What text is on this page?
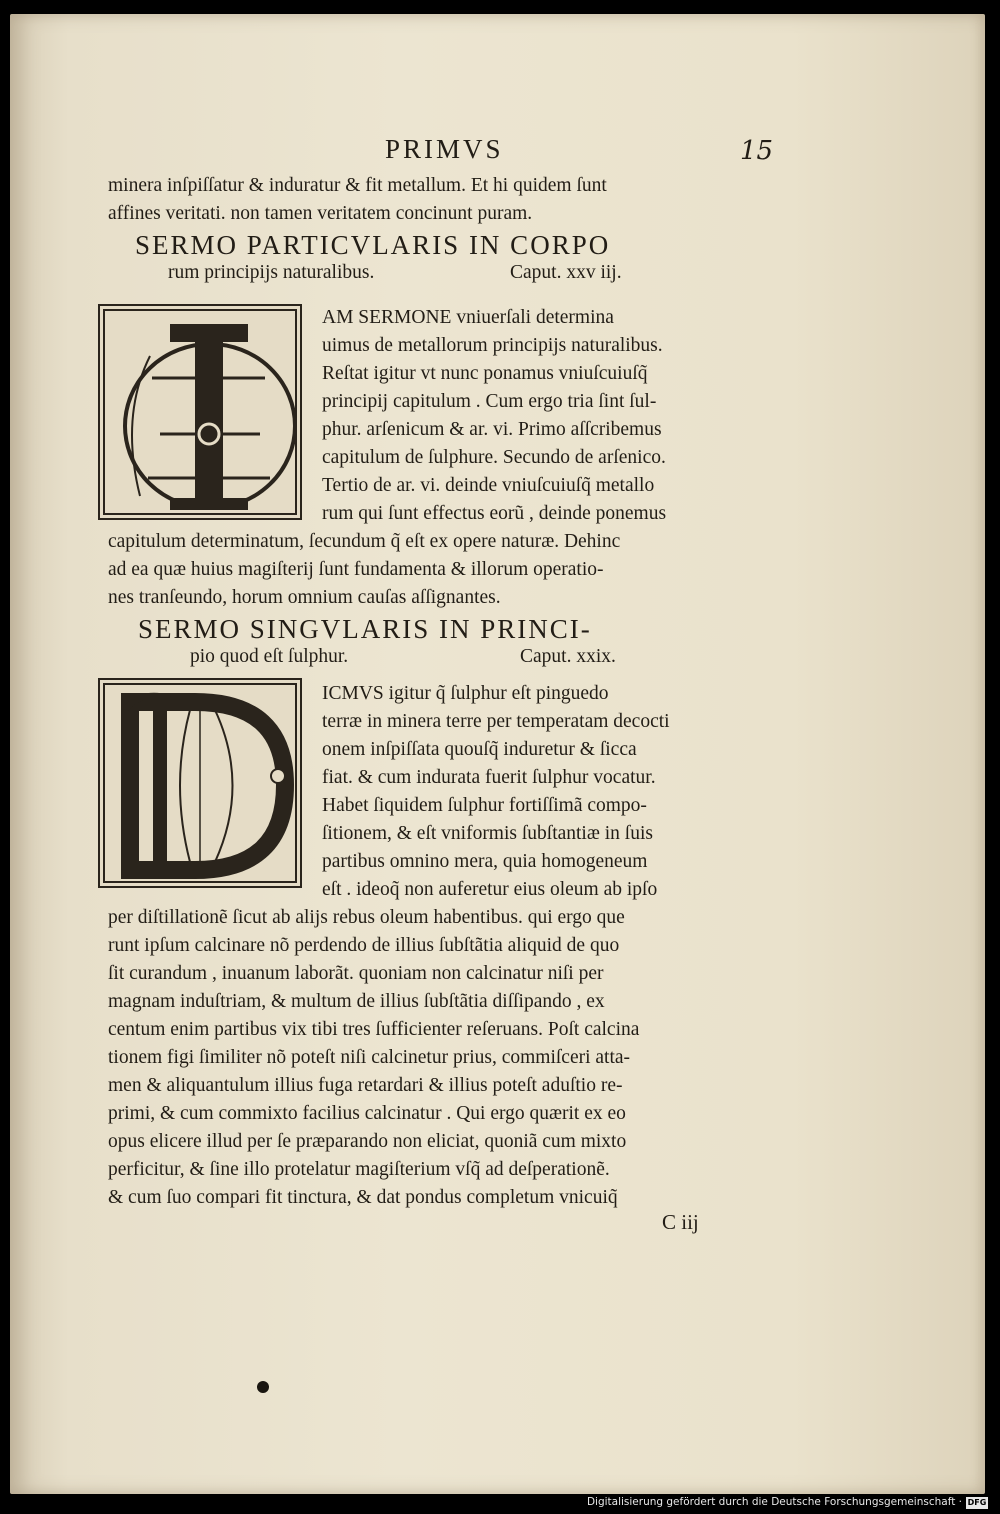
PRIMVS	15
minera inſpiſſatur & induratur & fit metallum. Et hi quidem ſunt
affines veritati. non tamen veritatem concinunt puram.
SERMO PARTICVLARIS IN CORPO
rum principijs naturalibus.	Caput. xxv iij.
AM SERMONE vniuerſali determina
uimus de metallorum principijs naturalibus.
Reſtat igitur vt nunc ponamus vniuſcuiuſq̃
principij capitulum . Cum ergo tria ſint ſul-
phur. arſenicum & ar. vi. Primo aſſcribemus
capitulum de ſulphure. Secundo de arſenico.
Tertio de ar. vi. deinde vniuſcuiuſq̃ metallo
rum qui ſunt effectus eorũ , deinde ponemus
capitulum determinatum, ſecundum q̃ eſt ex opere naturæ. Dehinc
ad ea quæ huius magiſterij ſunt fundamenta & illorum operatio-
nes tranſeundo, horum omnium cauſas aſſignantes.
SERMO SINGVLARIS IN PRINCI-
pio quod eſt ſulphur.	Caput. xxix.
ICMVS igitur q̃ ſulphur eſt pinguedo
terræ in minera terre per temperatam decocti
onem inſpiſſata quouſq̃ induretur & ſicca
fiat. & cum indurata fuerit ſulphur vocatur.
Habet ſiquidem ſulphur fortiſſimã compo-
ſitionem, & eſt vniformis ſubſtantiæ in ſuis
partibus omnino mera, quia homogeneum
eſt . ideoq̃ non auferetur eius oleum ab ipſo
per diſtillationẽ ſicut ab alijs rebus oleum habentibus. qui ergo que
runt ipſum calcinare nõ perdendo de illius ſubſtãtia aliquid de quo
ſit curandum , inuanum laborãt. quoniam non calcinatur niſi per
magnam induſtriam, & multum de illius ſubſtãtia diſſipando , ex
centum enim partibus vix tibi tres ſufficienter reſeruans. Poſt calcina
tionem figi ſimiliter nõ poteſt niſi calcinetur prius, commiſceri atta-
men & aliquantulum illius fuga retardari & illius poteſt aduſtio re-
primi, & cum commixto facilius calcinatur . Qui ergo quærit ex eo
opus elicere illud per ſe præparando non eliciat, quoniã cum mixto
perficitur, & ſine illo protelatur magiſterium vſq̃ ad deſperationẽ.
& cum ſuo compari fit tinctura, & dat pondus completum vnicuiq̃
C iij
Digitalisierung gefördert durch die Deutsche Forschungsgemeinschaft · DFG
